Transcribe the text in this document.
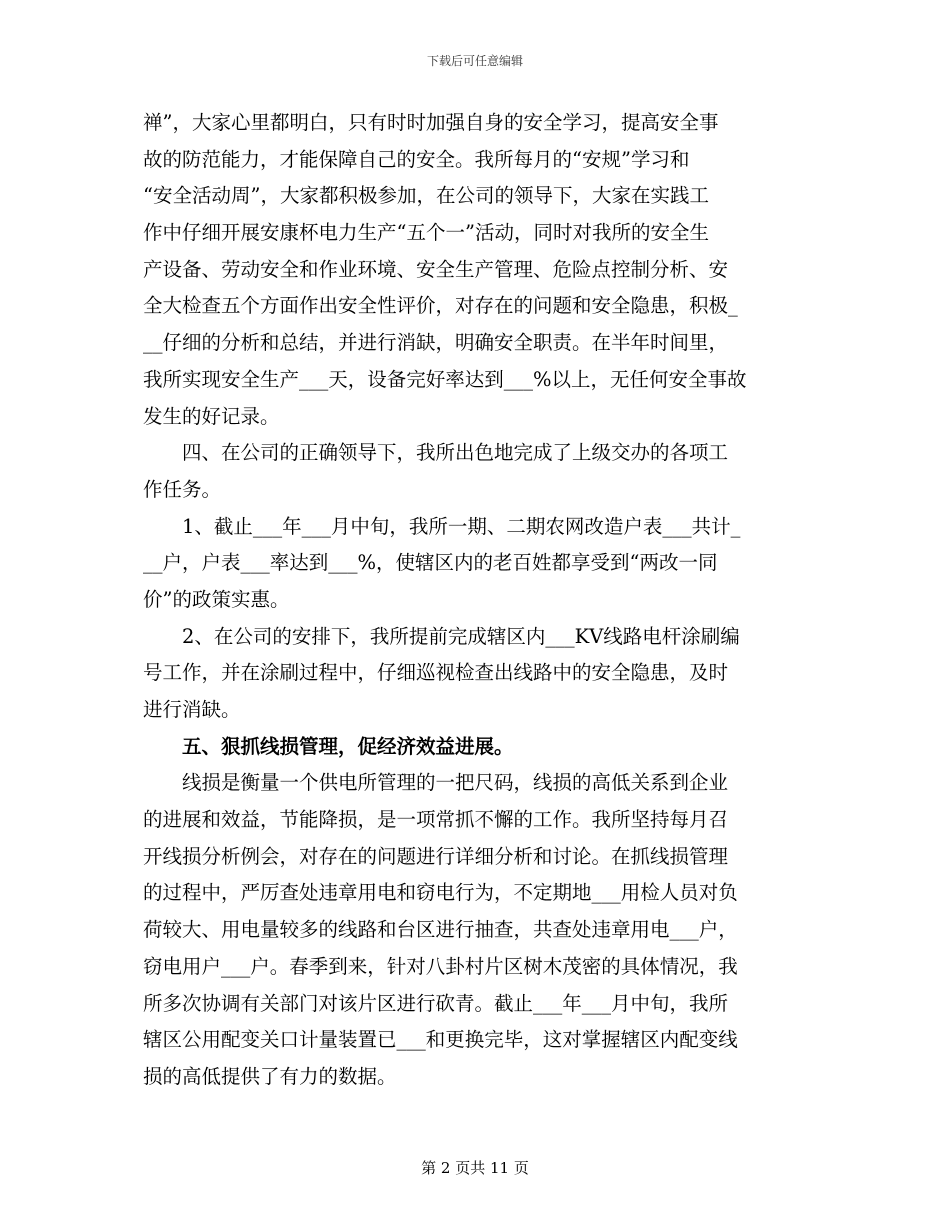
下载后可任意编辑
禅”，大家心里都明白，只有时时加强自身的安全学习，提高安全事
故的防范能力，才能保障自己的安全。我所每月的“安规”学习和
“安全活动周”，大家都积极参加，在公司的领导下，大家在实践工
作中仔细开展安康杯电力生产“五个一”活动，同时对我所的安全生
产设备、劳动安全和作业环境、安全生产管理、危险点控制分析、安
全大检查五个方面作出安全性评价，对存在的问题和安全隐患，积极_
__仔细的分析和总结，并进行消缺，明确安全职责。在半年时间里，
我所实现安全生产___天，设备完好率达到___%以上，无任何安全事故
发生的好记录。
　　四、在公司的正确领导下，我所出色地完成了上级交办的各项工
作任务。
　　1、截止___年___月中旬，我所一期、二期农网改造户表___共计_
__户，户表___率达到___%，使辖区内的老百姓都享受到“两改一同
价”的政策实惠。
　　2、在公司的安排下，我所提前完成辖区内___KV线路电杆涂刷编
号工作，并在涂刷过程中，仔细巡视检查出线路中的安全隐患，及时
进行消缺。
　　五、狠抓线损管理，促经济效益进展。
　　线损是衡量一个供电所管理的一把尺码，线损的高低关系到企业
的进展和效益，节能降损，是一项常抓不懈的工作。我所坚持每月召
开线损分析例会，对存在的问题进行详细分析和讨论。在抓线损管理
的过程中，严厉查处违章用电和窃电行为，不定期地___用检人员对负
荷较大、用电量较多的线路和台区进行抽查，共查处违章用电___户，
窃电用户___户。春季到来，针对八卦村片区树木茂密的具体情况，我
所多次协调有关部门对该片区进行砍青。截止___年___月中旬，我所
辖区公用配变关口计量装置已___和更换完毕，这对掌握辖区内配变线
损的高低提供了有力的数据。
第 2 页共 11 页
